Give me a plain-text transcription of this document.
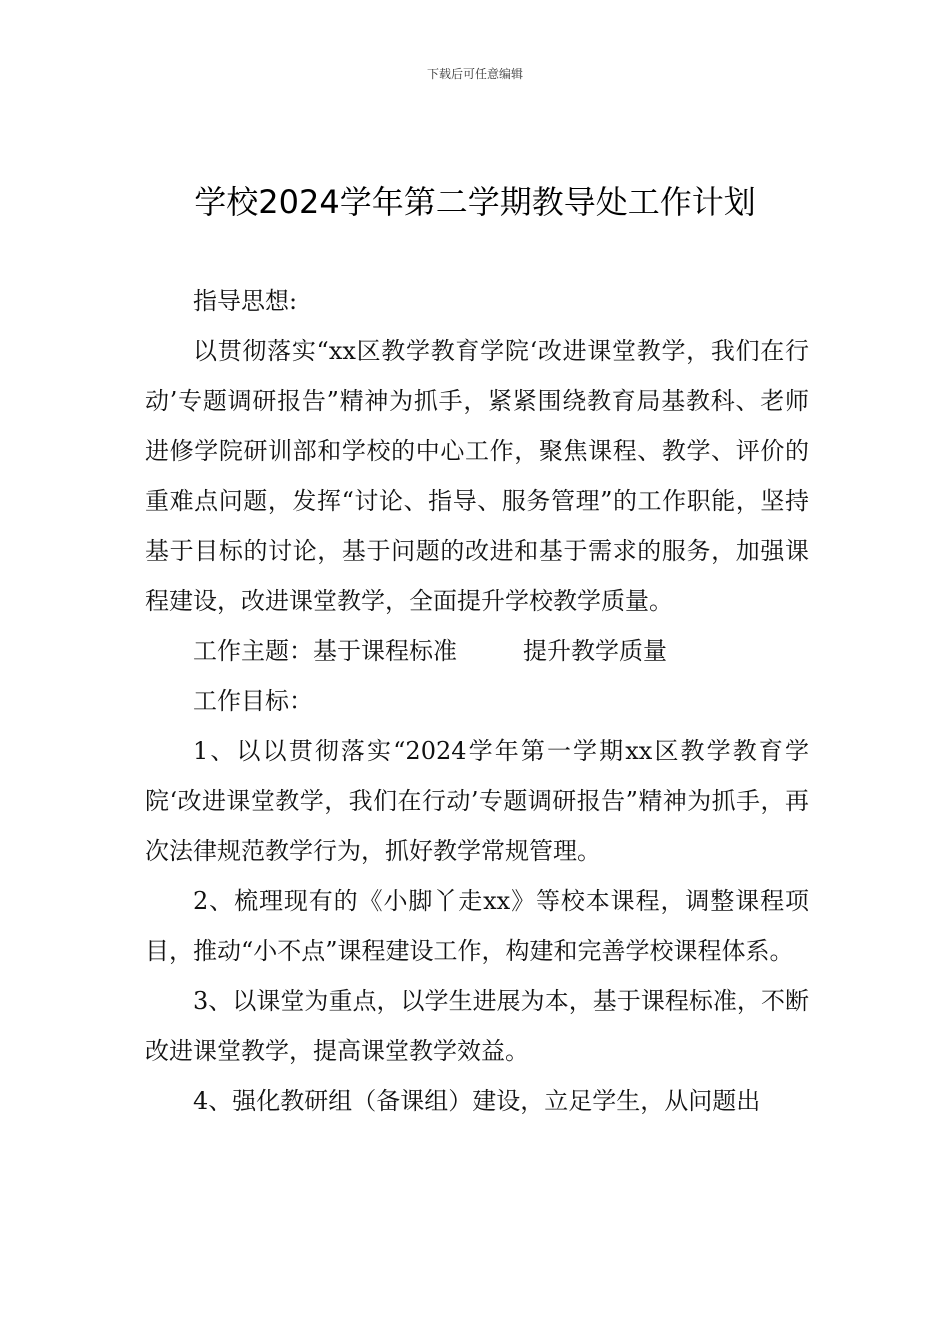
下载后可任意编辑
学校2024学年第二学期教导处工作计划

指导思想:

以贯彻落实“xx区教学教育学院‘改进课堂教学，我们在行动’专题调研报告”精神为抓手，紧紧围绕教育局基教科、老师进修学院研训部和学校的中心工作，聚焦课程、教学、评价的重难点问题，发挥“讨论、指导、服务管理”的工作职能，坚持基于目标的讨论，基于问题的改进和基于需求的服务，加强课程建设，改进课堂教学，全面提升学校教学质量。

工作主题：基于课程标准	提升教学质量

工作目标：

1、以以贯彻落实“2024学年第一学期xx区教学教育学院‘改进课堂教学，我们在行动’专题调研报告”精神为抓手，再次法律规范教学行为，抓好教学常规管理。

2、梳理现有的《小脚丫走xx》等校本课程，调整课程项目，推动“小不点”课程建设工作，构建和完善学校课程体系。

3、以课堂为重点，以学生进展为本，基于课程标准，不断改进课堂教学，提高课堂教学效益。

4、强化教研组（备课组）建设，立足学生，从问题出
